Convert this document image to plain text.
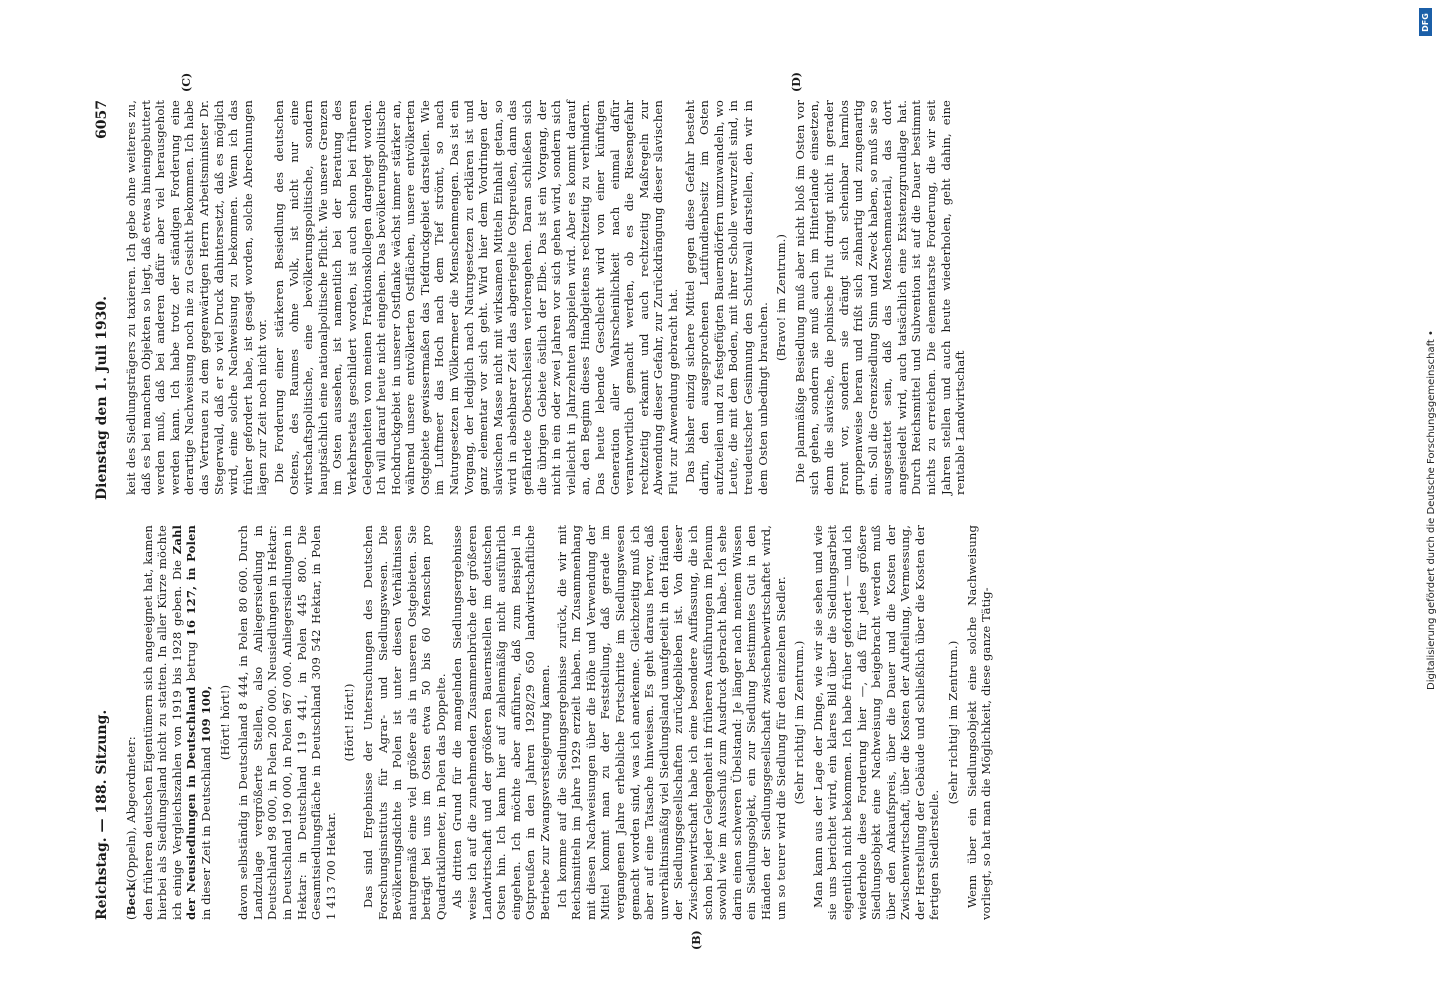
Reichstag. — 188. Sitzung.
Dienstag den 1. Juli 1930.
6057

(Beck(Oppeln), Abgeordneter: den früheren deutschen Eigentümern sich angeeignet hat, kamen hierbei als Siedlungsland nicht zu statten. In aller Kürze möchte ich einige Vergleichszahlen von 1919 bis 1928 geben. Die Zahl der Neusiedlungen in Deutschland betrug 16 127, in Polen in dieser Zeit in Deutschland 109 100, (Hört! hört!) davon selbständig in Deutschland 8 444, in Polen 80 600. Durch Landzulage vergrößerte Stellen, also Anliegersiedlung in Deutschland 98 000, in Polen 200 000. Neusiedlungen in Hektar: in Deutschland 190 000, in Polen 967 000. Anliegersiedlungen in Hektar: in Deutschland 119 441, in Polen 445 800. Die Gesamtsiedlungsfläche in Deutschland 309 542 Hektar, in Polen 1 413 700 Hektar.

(Hört! Hört!) Das sind Ergebnisse der Untersuchungen des Deutschen Forschungsinstituts für Agrar- und Siedlungswesen. Die Bevölkerungsdichte in Polen ist unter diesen Verhältnissen naturgemäß eine viel größere als in unseren Ostgebieten. Sie beträgt bei uns im Osten etwa 50 bis 60 Menschen pro Quadratkilometer, in Polen das Doppelte. Als dritten Grund für die mangelnden Siedlungsergebnisse weise ich auf die zunehmenden Zusammenbrüche der größeren Landwirtschaft und der größeren Bauernstellen im deutschen Osten hin. Ich kann hier auf zahlenmäßig nicht ausführlich eingehen. Ich möchte aber anführen, daß zum Beispiel in Ostpreußen in den Jahren 1928/29 650 landwirtschaftliche Betriebe zur Zwangsversteigerung kamen. Ich komme auf die Siedlungsergebnisse zurück, die wir mit Reichsmitteln im Jahre 1929 erzielt haben. Im Zusammenhang mit diesen Nachweisungen über die Höhe und Verwendung der Mittel kommt man zu der Feststellung, daß gerade im vergangenen Jahre erhebliche Fortschritte im Siedlungswesen gemacht worden sind, was ich anerkenne. Gleichzeitig muß ich aber auf eine Tatsache hinweisen. Es geht daraus hervor, daß unverhältnismäßig viel Siedlungsland unaufgeteilt in den Händen der Siedlungsgesellschaften zurückgeblieben ist. Von dieser Zwischenwirtschaft habe ich eine besondere Auffassung, die ich schon bei jeder Gelegenheit in früheren Ausführungen im Plenum sowohl wie im Ausschuß zum Ausdruck gebracht habe. Ich sehe darin einen schweren Übelstand: Je länger nach meinem Wissen ein Siedlungsobjekt, ein zur Siedlung bestimmtes Gut in den Händen der Siedlungsgesellschaft zwischenbewirtschaftet wird, um so teurer wird die Siedlung für den einzelnen Siedler. (Sehr richtig! im Zentrum.) Man kann aus der Lage der Dinge, wie wir sie sehen und wie sie uns berichtet wird, ein klares Bild über die Siedlungsarbeit eigentlich nicht bekommen. Ich habe früher gefordert — und ich wiederhole diese Forderung hier —, daß für jedes größere Siedlungsobjekt eine Nachweisung beigebracht werden muß über den Ankaufspreis, über die Dauer und die Kosten der Zwischenwirtschaft, über die Kosten der Aufteilung, Vermessung, der Herstellung der Gebäude und schließlich über die Kosten der fertigen Siedlerstelle.

(Sehr richtig! im Zentrum.) Wenn über ein Siedlungsobjekt eine solche Nachweisung vorliegt, so hat man die Möglichkeit, diese ganze Tätig-

keit des Siedlungsträgers zu taxieren. Ich gebe ohne weiteres zu, daß es bei manchen Objekten so liegt, daß etwas hineingebuttert werden muß, daß bei anderen dafür aber viel herausgeholt werden kann. Ich habe trotz der ständigen Forderung eine derartige Nachweisung noch nie zu Gesicht bekommen. Ich habe das Vertrauen zu dem gegenwärtigen Herrn Arbeitsminister Dr. Stegerwald, daß er so viel Druck dahintersetzt, daß es möglich wird, eine solche Nachweisung zu bekommen. Wenn ich das früher gefordert habe, ist gesagt worden, solche Abrechnungen lägen zur Zeit noch nicht vor. Die Forderung einer stärkeren Besiedlung des deutschen Ostens, des Raumes ohne Volk, ist nicht nur eine wirtschaftspolitische, eine bevölkerungspolitische, sondern hauptsächlich eine nationalpolitische Pflicht. Wie unsere Grenzen im Osten aussehen, ist namentlich bei der Beratung des Verkehrsetats geschildert worden, ist auch schon bei früheren Gelegenheiten von meinen Fraktionskollegen dargelegt worden. Ich will darauf heute nicht eingehen. Das bevölkerungspolitische Hochdruckgebiet in unserer Ostflanke wächst immer stärker an, während unsere entvölkerten Ostflächen, unsere entvölkerten Ostgebiete gewissermaßen das Tiefdruckgebiet darstellen. Wie im Luftmeer das Hoch nach dem Tief strömt, so nach Naturgesetzen im Völkermeer die Menschenmengen. Das ist ein Vorgang, der lediglich nach Naturgesetzen zu erklären ist und ganz elementar vor sich geht. Wird hier dem Vordringen der slavischen Masse nicht mit wirksamen Mitteln Einhalt getan, so wird in absehbarer Zeit das abgeriegelte Ostpreußen, dann das gefährdete Oberschlesien verlorengehen. Daran schließen sich die übrigen Gebiete östlich der Elbe. Das ist ein Vorgang, der nicht in ein oder zwei Jahren vor sich gehen wird, sondern sich vielleicht in Jahrzehnten abspielen wird. Aber es kommt darauf an, den Beginn dieses Hinabgleitens rechtzeitig zu verhindern. Das heute lebende Geschlecht wird von einer künftigen Generation aller Wahrscheinlichkeit nach einmal dafür verantwortlich gemacht werden, ob es die Riesengefahr rechtzeitig erkannt und auch rechtzeitig Maßregeln zur Abwendung dieser Gefahr, zur Zurückdrängung dieser slavischen Flut zur Anwendung gebracht hat. Das bisher einzig sichere Mittel gegen diese Gefahr besteht darin, den ausgesprochenen Latifundienbesitz im Osten aufzuteilen und zu festgefügten Bauerndörfern umzuwandeln, wo Leute, die mit dem Boden, mit ihrer Scholle verwurzelt sind, in treudeutscher Gesinnung den Schutzwall darstellen, den wir in dem Osten unbedingt brauchen.

(Bravo! im Zentrum.) Die planmäßige Besiedlung muß aber nicht bloß im Osten vor sich gehen, sondern sie muß auch im Hinterlande einsetzen, denn die slavische, die polnische Flut dringt nicht in gerader Front vor, sondern sie drängt sich scheinbar harmlos gruppenweise heran und frißt sich zahnartig und zungenartig ein. Soll die Grenzsiedlung Sinn und Zweck haben, so muß sie so ausgestattet sein, daß das Menschenmaterial, das dort angesiedelt wird, auch tatsächlich eine Existenzgrundlage hat. Durch Reichsmittel und Subvention ist auf die Dauer bestimmt nichts zu erreichen. Die elementarste Forderung, die wir seit Jahren stellen und auch heute wiederholen, geht dahin, eine rentable Landwirtschaft

(B)
(C)	(D)
Digitalisierung gefördert durch die Deutsche Forschungsgemeinschaft •
DFG
